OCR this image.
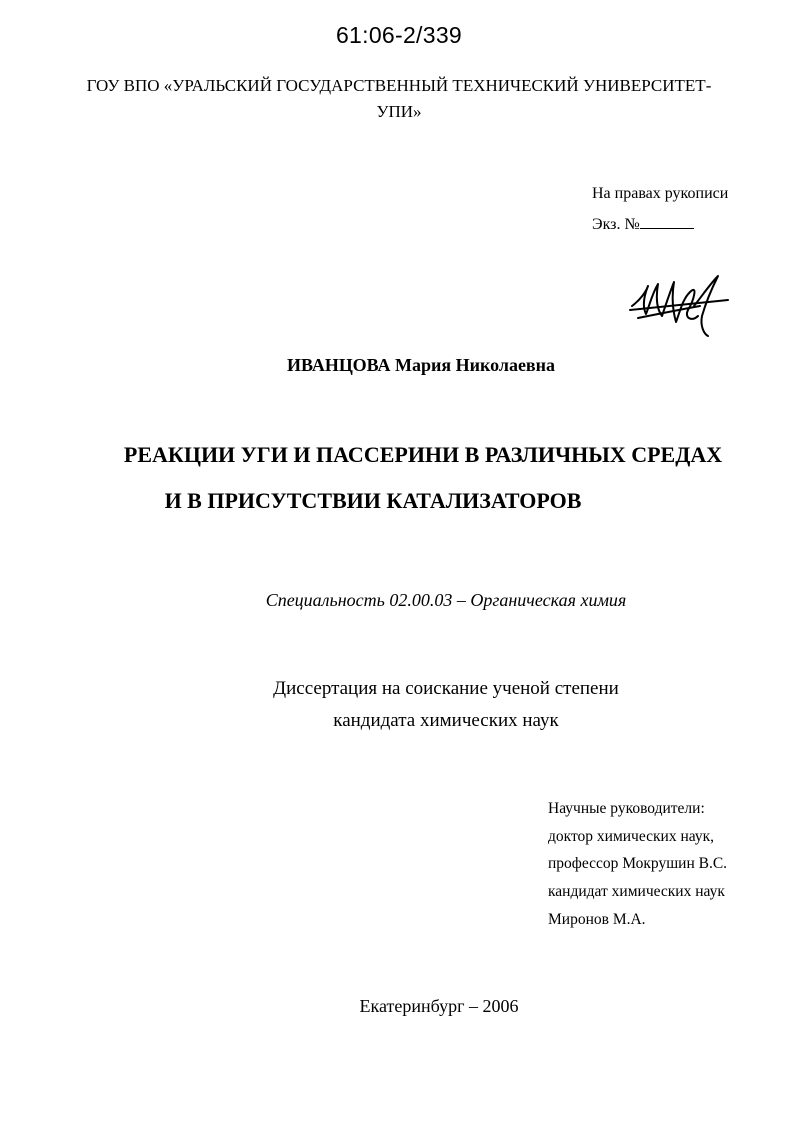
61:06-2/339
ГОУ ВПО «УРАЛЬСКИЙ ГОСУДАРСТВЕННЫЙ ТЕХНИЧЕСКИЙ УНИВЕРСИТЕТ-
УПИ»
На правах рукописи
Экз. №
ИВАНЦОВА Мария Николаевна
РЕАКЦИИ УГИ И ПАССЕРИНИ В РАЗЛИЧНЫХ СРЕДАХ
И В ПРИСУТСТВИИ КАТАЛИЗАТОРОВ
Специальность 02.00.03 – Органическая химия
Диссертация на соискание ученой степени
кандидата химических наук
Научные руководители:
доктор химических наук,
профессор Мокрушин В.С.
кандидат химических наук
Миронов М.А.
Екатеринбург – 2006
